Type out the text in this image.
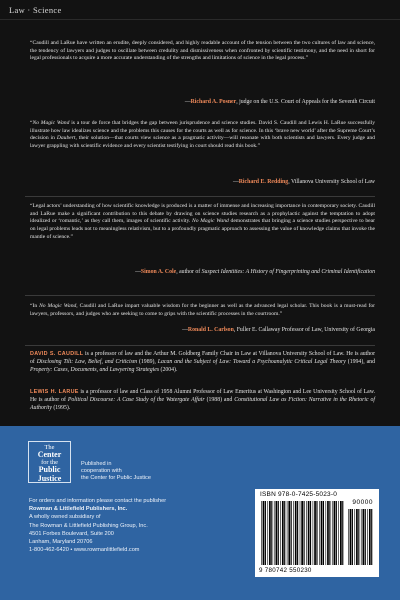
Law · Science
“Caudill and LaRue have written an erudite, deeply considered, and highly readable account of the tension between the two cultures of law and science, the tendency of lawyers and judges to oscillate between credulity and dismissiveness when confronted by scientific testimony, and the need in short for legal professionals to acquire a more accurate understanding of the strengths and limitations of science in the legal process.”
—Richard A. Posner, judge on the U.S. Court of Appeals for the Seventh Circuit
“No Magic Wand is a tour de force that bridges the gap between jurisprudence and science studies. David S. Caudill and Lewis H. LaRue successfully illustrate how law idealizes science and the problems this causes for the courts as well as for science. In this ‘brave new world’ after the Supreme Court’s decision in Daubert, their solution—that courts view science as a pragmatic activity—will resonate with both scientists and lawyers. Every judge and lawyer grappling with scientific evidence and every scientist testifying in court should read this book.”
—Richard E. Redding, Villanova University School of Law
“Legal actors’ understanding of how scientific knowledge is produced is a matter of immense and increasing importance in contemporary society. Caudill and LaRue make a significant contribution to this debate by drawing on science studies research as a prophylactic against the temptation to adopt idealized or ‘romantic,’ as they call them, images of scientific activity. No Magic Wand demonstrates that bringing a science studies perspective to bear on legal problems leads not to meaningless relativism, but to a profoundly pragmatic approach to assessing the value of knowledge claims that invoke the mantle of science.”
—Simon A. Cole, author of Suspect Identities: A History of Fingerprinting and Criminal Identification
“In No Magic Wand, Caudill and LaRue impart valuable wisdom for the beginner as well as the advanced legal scholar. This book is a must-read for lawyers, professors, and judges who are seeking to come to grips with the scientific processes in the courtroom.”
—Ronald L. Carlson, Fuller E. Callaway Professor of Law, University of Georgia
DAVID S. CAUDILL is a professor of law and the Arthur M. Goldberg Family Chair in Law at Villanova University School of Law. He is author of Disclosing Tilt: Law, Belief, and Criticism (1989), Lacan and the Subject of Law: Toward a Psychoanalytic Critical Legal Theory (1994), and Property: Cases, Documents, and Lawyering Strategies (2004).
LEWIS H. LARUE is a professor of law and Class of 1958 Alumni Professor of Law Emeritus at Washington and Lee University School of Law. He is author of Political Discourse: A Case Study of the Watergate Affair (1988) and Constitutional Law as Fiction: Narrative in the Rhetoric of Authority (1995).
The
Center
for the
Public
Justice
Published in
cooperation with
the Center for Public Justice
For orders and information please contact the publisher
Rowman & Littlefield Publishers, Inc.
A wholly owned subsidiary of
The Rowman & Littlefield Publishing Group, Inc.
4501 Forbes Boulevard, Suite 200
Lanham, Maryland 20706
1-800-462-6420 • www.rowmanlittlefield.com
ISBN 978-0-7425-5023-0
90000
9 780742 550230
